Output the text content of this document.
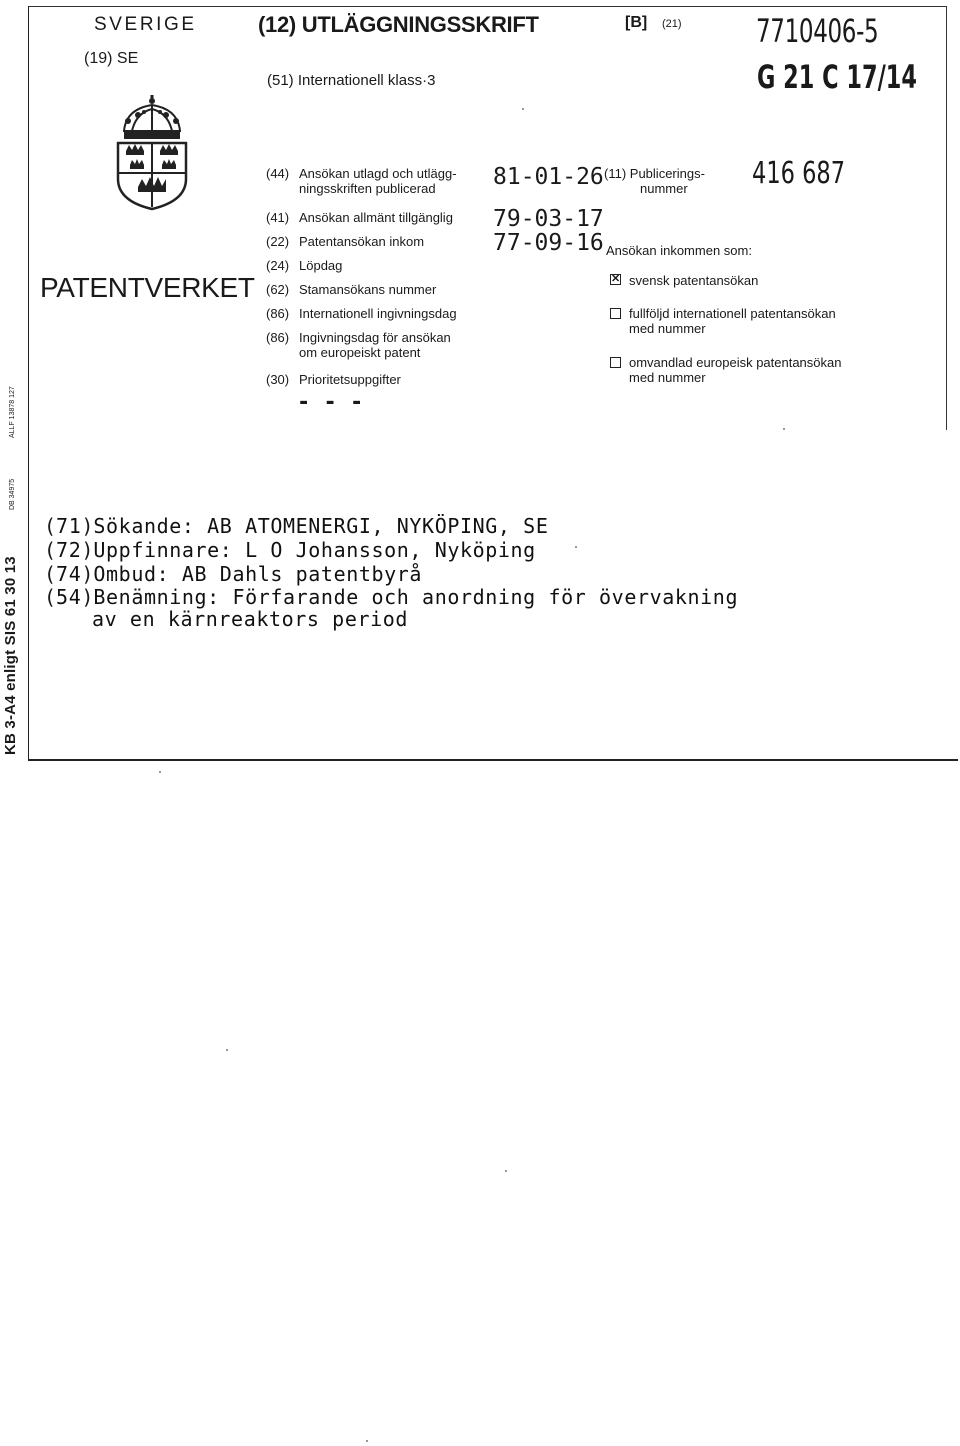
KB 3-A4 enligt SIS 61 30 13
DB 34975
ALLF 13878 127
SVERIGE
(19) SE
(12) UTLÄGGNINGSSKRIFT	[B] (21) 7710406-5
(51) Internationell klass·3	G 21 C 17/14
PATENTVERKET
(44) Ansökan utlagd och utlägg-
ningsskriften publicerad 81-01-26
(41) Ansökan allmänt tillgänglig 79-03-17
(22) Patentansökan inkom	77-09-16
(24) Löpdag
(62) Stamansökans nummer
(86) Internationell ingivningsdag
(86) Ingivningsdag för ansökan
om europeiskt patent
(30) Prioritetsuppgifter
- - -
(11) Publicerings-
nummer	416 687
Ansökan inkommen som:
✕ svensk patentansökan
fullföljd internationell patentansökan
med nummer
omvandlad europeisk patentansökan
med nummer
(71)Sökande: AB ATOMENERGI, NYKÖPING, SE
(72)Uppfinnare: L O Johansson, Nyköping
(74)Ombud: AB Dahls patentbyrå
(54)Benämning: Förfarande och anordning för övervakning
av en kärnreaktors period
